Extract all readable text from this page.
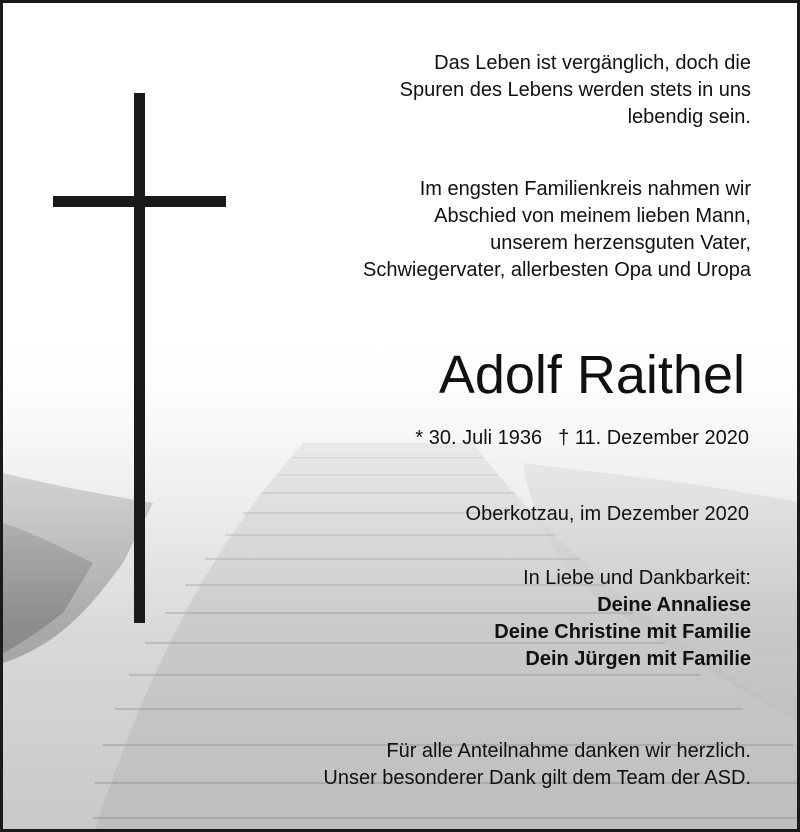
Das Leben ist vergänglich, doch die
Spuren des Lebens werden stets in uns
lebendig sein.
Im engsten Familienkreis nahmen wir
Abschied von meinem lieben Mann,
unserem herzensguten Vater,
Schwiegervater, allerbesten Opa und Uropa
Adolf Raithel
* 30. Juli 1936 † 11. Dezember 2020
Oberkotzau, im Dezember 2020
In Liebe und Dankbarkeit:
Deine Annaliese
Deine Christine mit Familie
Dein Jürgen mit Familie
Für alle Anteilnahme danken wir herzlich.
Unser besonderer Dank gilt dem Team der ASD.
